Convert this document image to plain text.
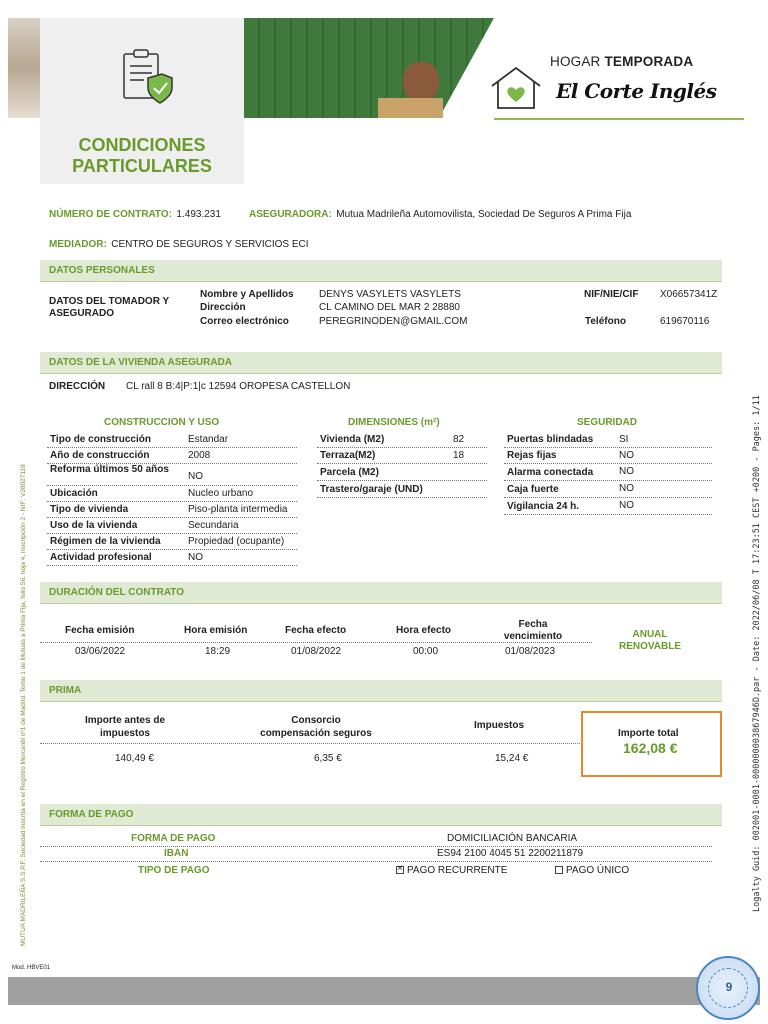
CONDICIONES
PARTICULARES
HOGAR TEMPORADA
El Corte Inglés
NÚMERO DE CONTRATO: 1.493.231	ASEGURADORA: Mutua Madrileña Automovilista, Sociedad De Seguros A Prima Fija
MEDIADOR: CENTRO DE SEGUROS Y SERVICIOS ECI
DATOS PERSONALES
DATOS DEL TOMADOR Y ASEGURADO
Nombre y Apellidos	DENYS VASYLETS VASYLETS
Dirección	CL CAMINO DEL MAR 2 28880
Correo electrónico	PEREGRINODEN@GMAIL.COM
NIF/NIE/CIF X06657341Z
Teléfono	619670116
DATOS DE LA VIVIENDA ASEGURADA
DIRECCIÓN CL rall 8 B:4|P:1|c 12594 OROPESA CASTELLON
CONSTRUCCION Y USO	DIMENSIONES (m²)	SEGURIDAD
Tipo de construcción	Estandar
Año de construcción	2008
Reforma últimos 50 años
NO
Ubicación	Nucleo urbano
Tipo de vivienda	Piso-planta intermedia
Uso de la vivienda	Secundaria
Régimen de la vivienda	Propiedad (ocupante)
Actividad profesional	NO
Vivienda (M2)	82
Terraza(M2)	18
Parcela (M2)
Trastero/garaje (UND)
Puertas blindadas	SI
Rejas fijas	NO
Alarma conectada	NO
Caja fuerte	NO
Vigilancia 24 h.	NO
DURACIÓN DEL CONTRATO
Fecha emisión	Hora emisión	Fecha efecto	Hora efecto
Fecha
vencimiento
03/06/2022	18:29	01/08/2022	00:00	01/08/2023
ANUAL
RENOVABLE
PRIMA
Importe antes de
impuestos
Consorcio
compensación seguros
Impuestos
140,49 €	6,35 €	15,24 €
Importe total
162,08 €
FORMA DE PAGO
FORMA DE PAGO	DOMICILIACIÓN BANCARIA
IBAN	ES94 2100 4045 51 2200211879
TIPO DE PAGO ×	PAGO RECURRENTE	PAGO ÚNICO
MUTUA MADRILEÑA S.S.P.F. Sociedad inscrita en el Registro Mercantil nº1 de Madrid. Tomo 1 de Mutuas a Prima Fija, folio 56, hoja 4, inscripción 2 - NIF: V28027118	Logalty Guid: 002001-0001-000000003867946D.par - Date: 2022/06/08 T 17:23:51 CEST +0200 - Pages: 1/11
Mod. HBVE01
9
